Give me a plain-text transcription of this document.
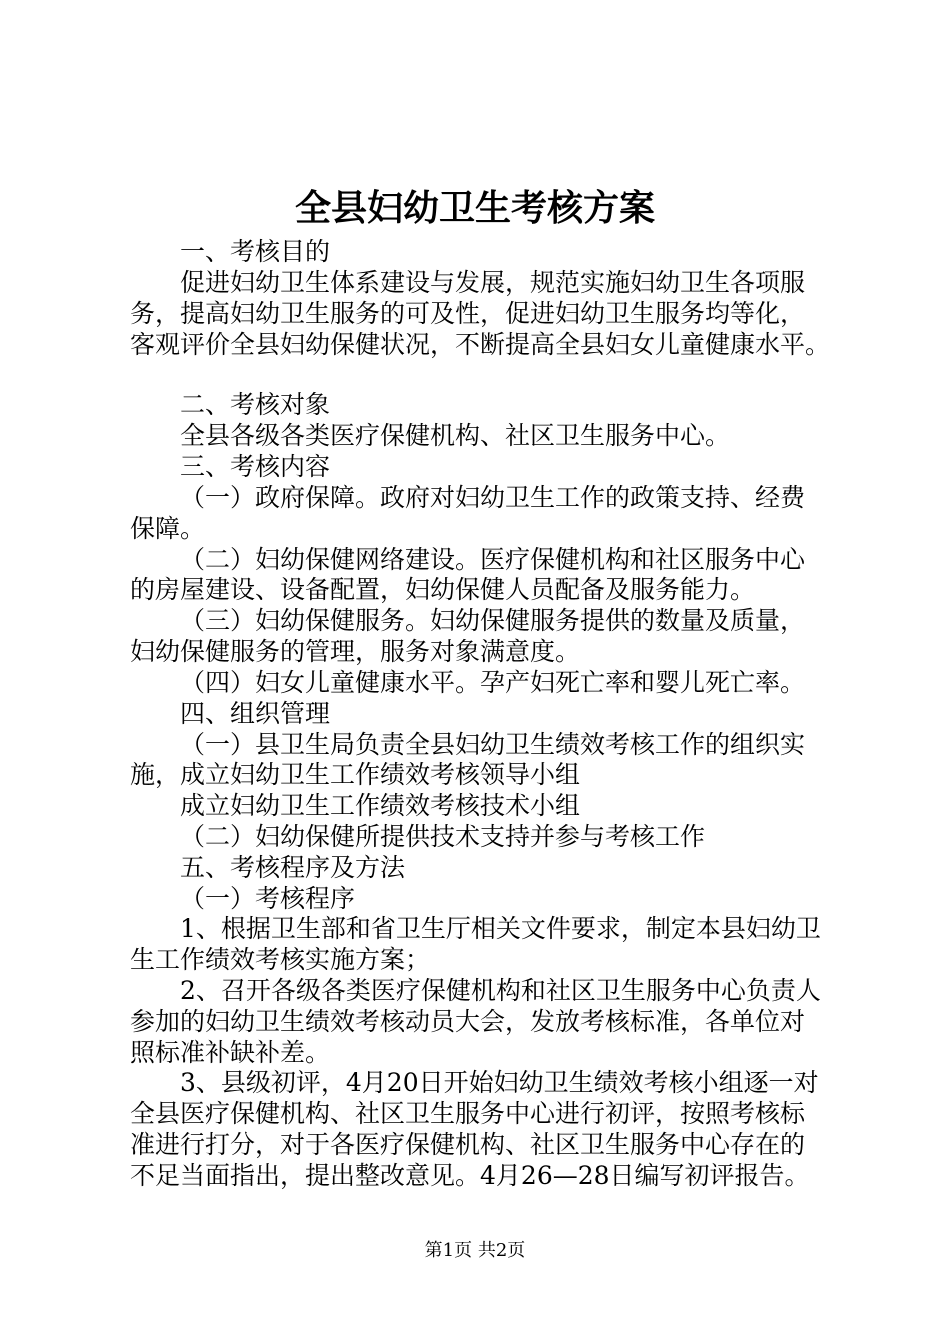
全县妇幼卫生考核方案
一、考核目的
促进妇幼卫生体系建设与发展，规范实施妇幼卫生各项服
务，提高妇幼卫生服务的可及性，促进妇幼卫生服务均等化，
客观评价全县妇幼保健状况，不断提高全县妇女儿童健康水平。
二、考核对象
全县各级各类医疗保健机构、社区卫生服务中心。
三、考核内容
（一）政府保障。政府对妇幼卫生工作的政策支持、经费
保障。
（二）妇幼保健网络建设。医疗保健机构和社区服务中心
的房屋建设、设备配置，妇幼保健人员配备及服务能力。
（三）妇幼保健服务。妇幼保健服务提供的数量及质量，
妇幼保健服务的管理，服务对象满意度。
（四）妇女儿童健康水平。孕产妇死亡率和婴儿死亡率。
四、组织管理
（一）县卫生局负责全县妇幼卫生绩效考核工作的组织实
施，成立妇幼卫生工作绩效考核领导小组
成立妇幼卫生工作绩效考核技术小组
（二）妇幼保健所提供技术支持并参与考核工作
五、考核程序及方法
（一）考核程序
1、根据卫生部和省卫生厅相关文件要求，制定本县妇幼卫
生工作绩效考核实施方案；
2、召开各级各类医疗保健机构和社区卫生服务中心负责人
参加的妇幼卫生绩效考核动员大会，发放考核标准，各单位对
照标准补缺补差。
3、县级初评，4月20日开始妇幼卫生绩效考核小组逐一对
全县医疗保健机构、社区卫生服务中心进行初评，按照考核标
准进行打分，对于各医疗保健机构、社区卫生服务中心存在的
不足当面指出，提出整改意见。4月26—28日编写初评报告。
第1页 共2页
